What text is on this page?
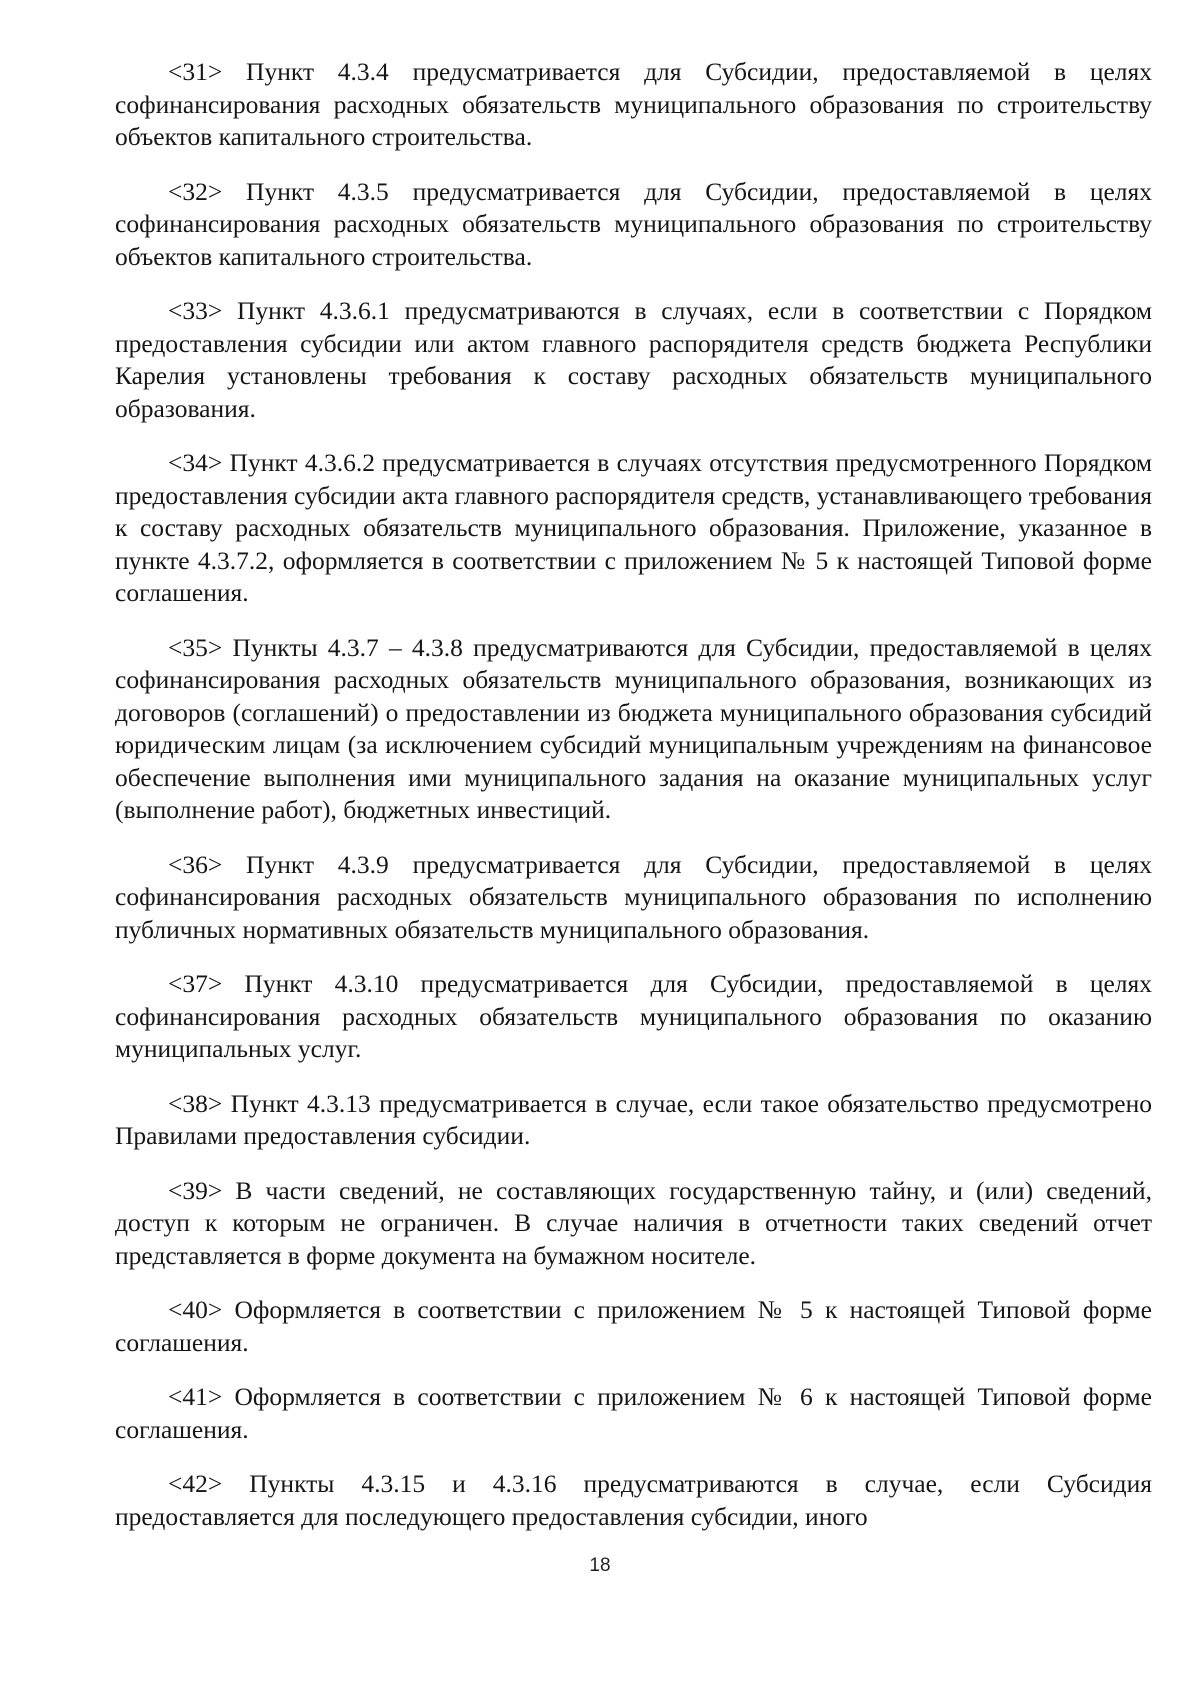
<31> Пункт 4.3.4 предусматривается для Субсидии, предоставляемой в целях софинансирования расходных обязательств муниципального образования по строительству объектов капитального строительства.

<32> Пункт 4.3.5 предусматривается для Субсидии, предоставляемой в целях софинансирования расходных обязательств муниципального образования по строительству объектов капитального строительства.

<33> Пункт 4.3.6.1 предусматриваются в случаях, если в соответствии с Порядком предоставления субсидии или актом главного распорядителя средств бюджета Республики Карелия установлены требования к составу расходных обязательств муниципального образования.

<34> Пункт 4.3.6.2 предусматривается в случаях отсутствия предусмотренного Порядком предоставления субсидии акта главного распорядителя средств, устанавливающего требования к составу расходных обязательств муниципального образования. Приложение, указанное в пункте 4.3.7.2, оформляется в соответствии с приложением № 5 к настоящей Типовой форме соглашения.

<35> Пункты 4.3.7 – 4.3.8 предусматриваются для Субсидии, предоставляемой в целях софинансирования расходных обязательств муниципального образования, возникающих из договоров (соглашений) о предоставлении из бюджета муниципального образования субсидий юридическим лицам (за исключением субсидий муниципальным учреждениям на финансовое обеспечение выполнения ими муниципального задания на оказание муниципальных услуг (выполнение работ), бюджетных инвестиций.

<36> Пункт 4.3.9 предусматривается для Субсидии, предоставляемой в целях софинансирования расходных обязательств муниципального образования по исполнению публичных нормативных обязательств муниципального образования.

<37> Пункт 4.3.10 предусматривается для Субсидии, предоставляемой в целях софинансирования расходных обязательств муниципального образования по оказанию муниципальных услуг.

<38> Пункт 4.3.13 предусматривается в случае, если такое обязательство предусмотрено Правилами предоставления субсидии.

<39> В части сведений, не составляющих государственную тайну, и (или) сведений, доступ к которым не ограничен. В случае наличия в отчетности таких сведений отчет представляется в форме документа на бумажном носителе.

<40> Оформляется в соответствии с приложением № 5 к настоящей Типовой форме соглашения.

<41> Оформляется в соответствии с приложением № 6 к настоящей Типовой форме соглашения.

<42> Пункты 4.3.15 и 4.3.16 предусматриваются в случае, если Субсидия предоставляется для последующего предоставления субсидии, иного

18
